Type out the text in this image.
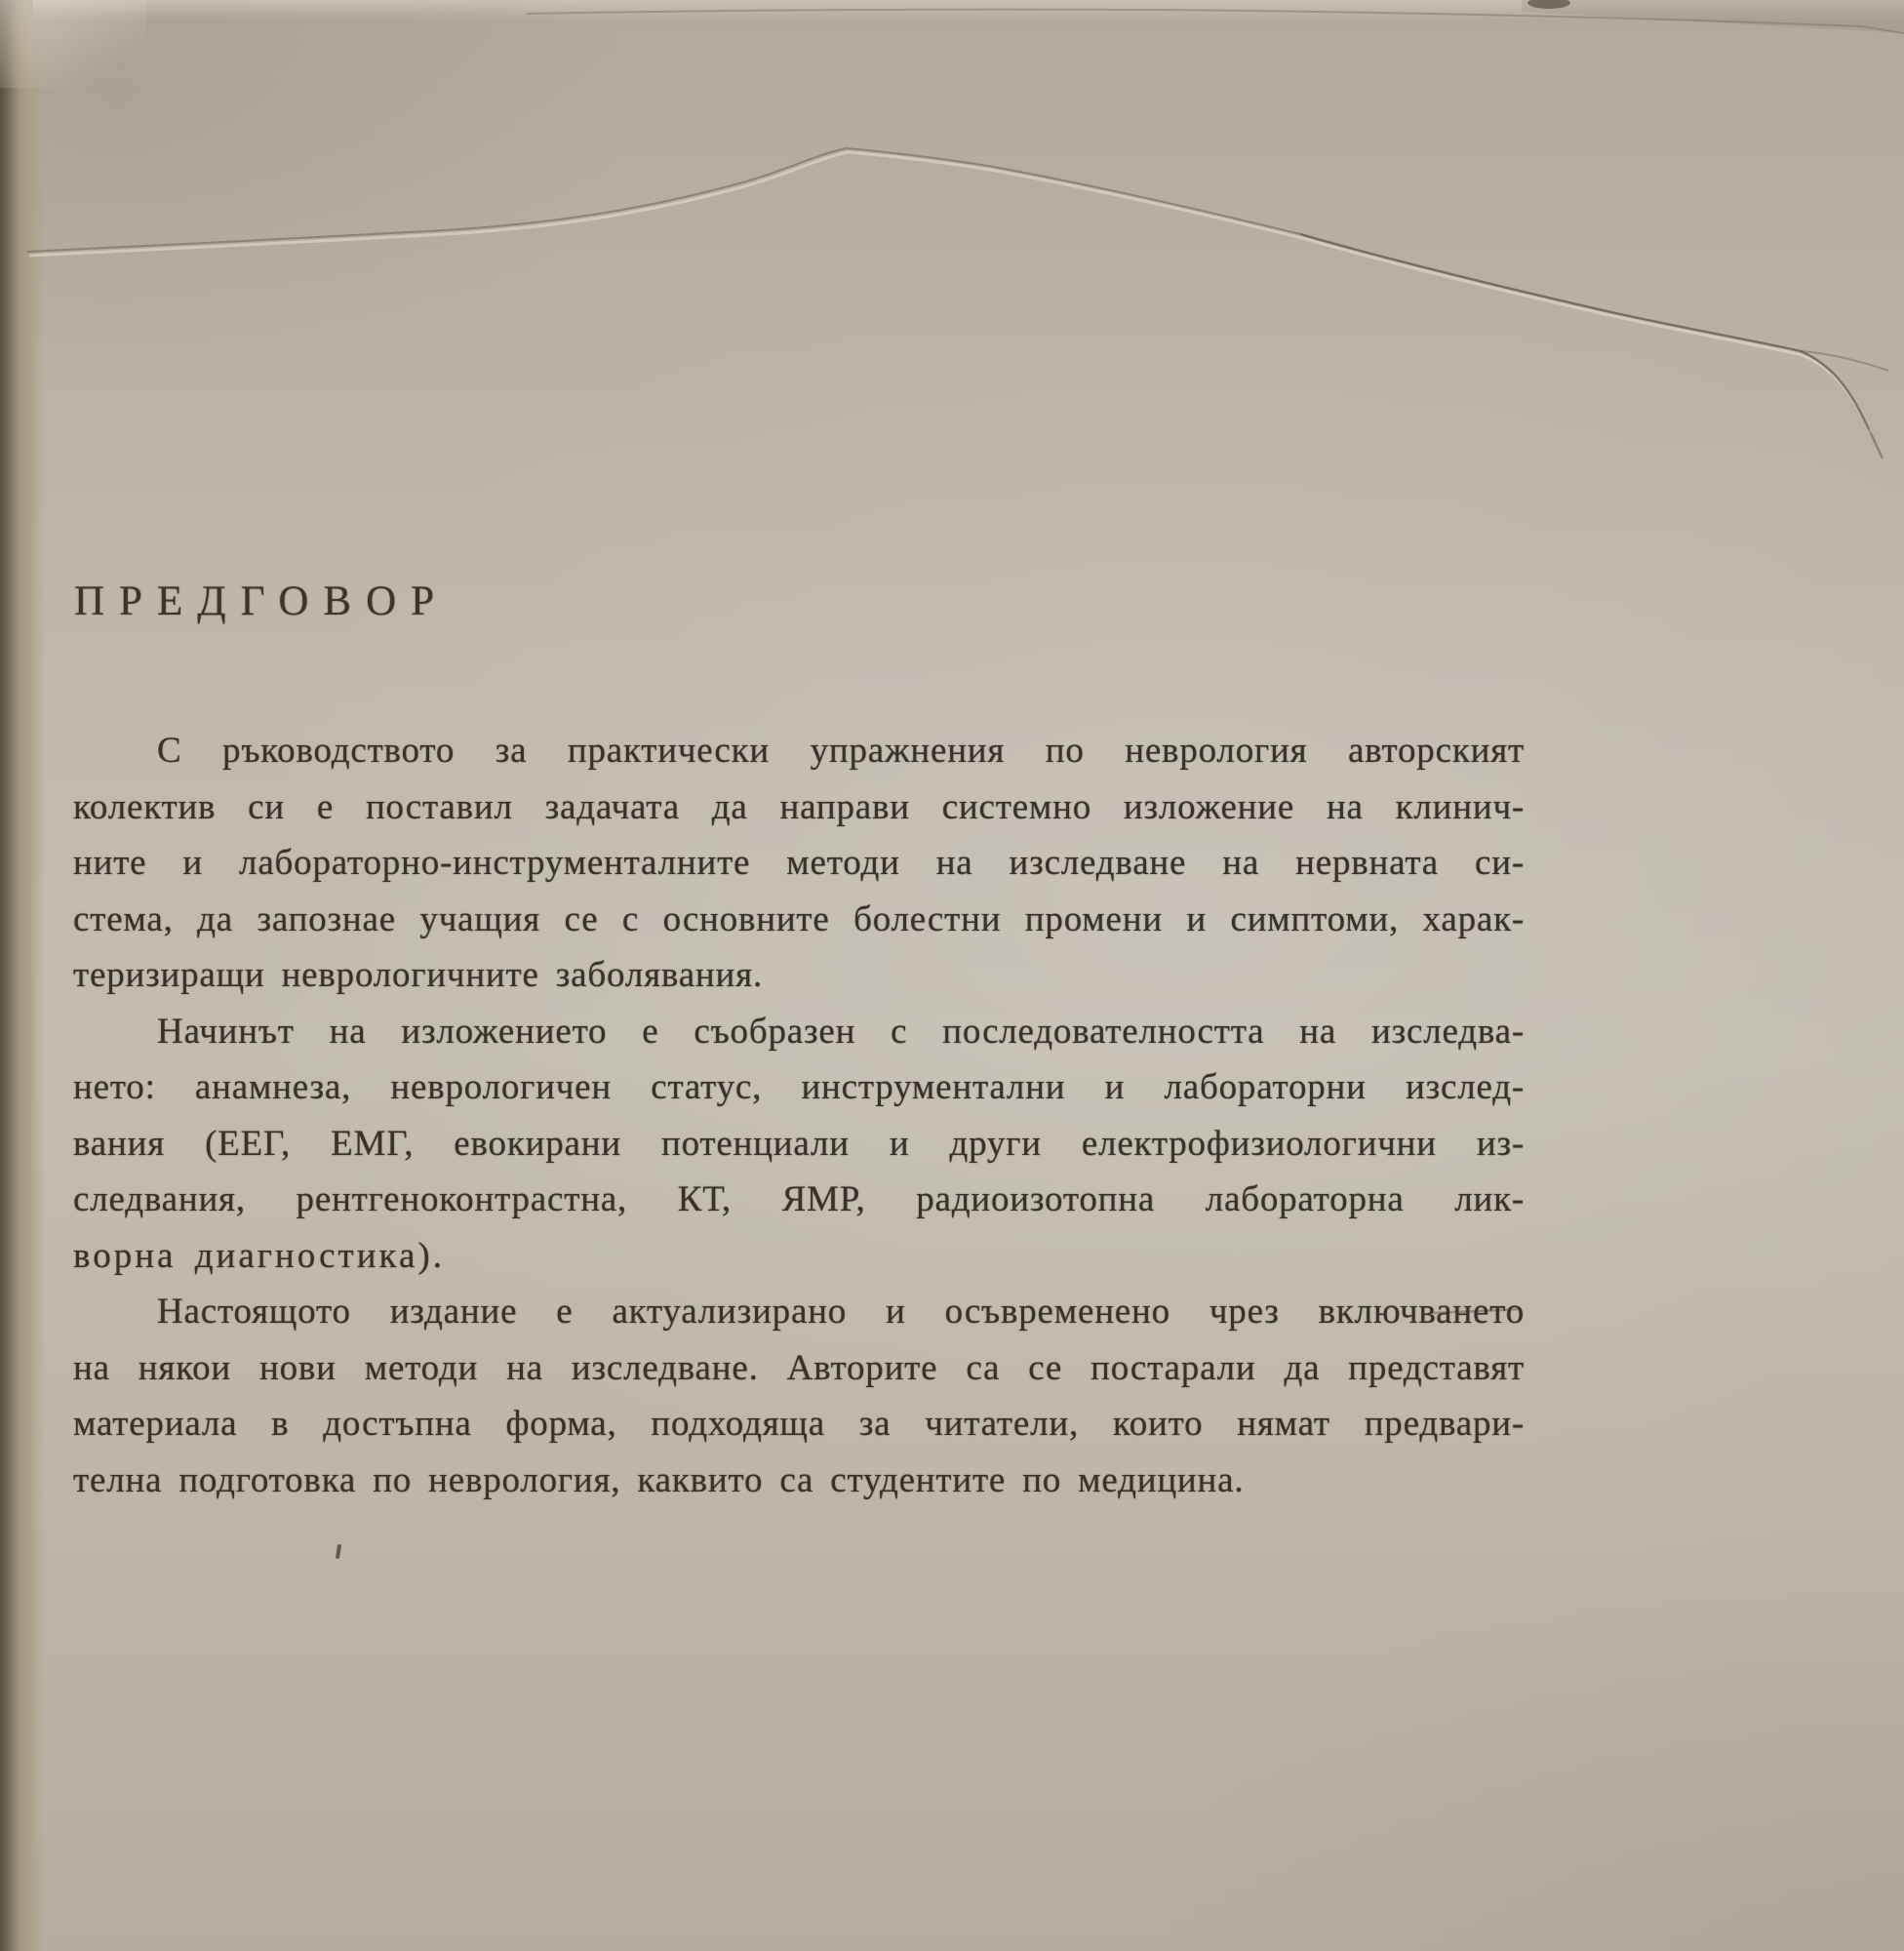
ПРЕДГОВОР
С ръководството за практически упражнения по неврология авторският
колектив си е поставил задачата да направи системно изложение на клинич-
ните и лабораторно-инструменталните методи на изследване на нервната си-
стема, да запознае учащия се с основните болестни промени и симптоми, харак-
теризиращи неврологичните заболявания.
Начинът на изложението е съобразен с последователността на изследва-
нето: анамнеза, неврологичен статус, инструментални и лабораторни изслед-
вания (ЕЕГ, ЕМГ, евокирани потенциали и други електрофизиологични из-
следвания, рентгеноконтрастна, КТ, ЯМР, радиоизотопна лабораторна лик-
ворна диагностика).
Настоящото издание е актуализирано и осъвременено чрез включването
на някои нови методи на изследване. Авторите са се постарали да представят
материала в достъпна форма, подходяща за читатели, които нямат предвари-
телна подготовка по неврология, каквито са студентите по медицина.
